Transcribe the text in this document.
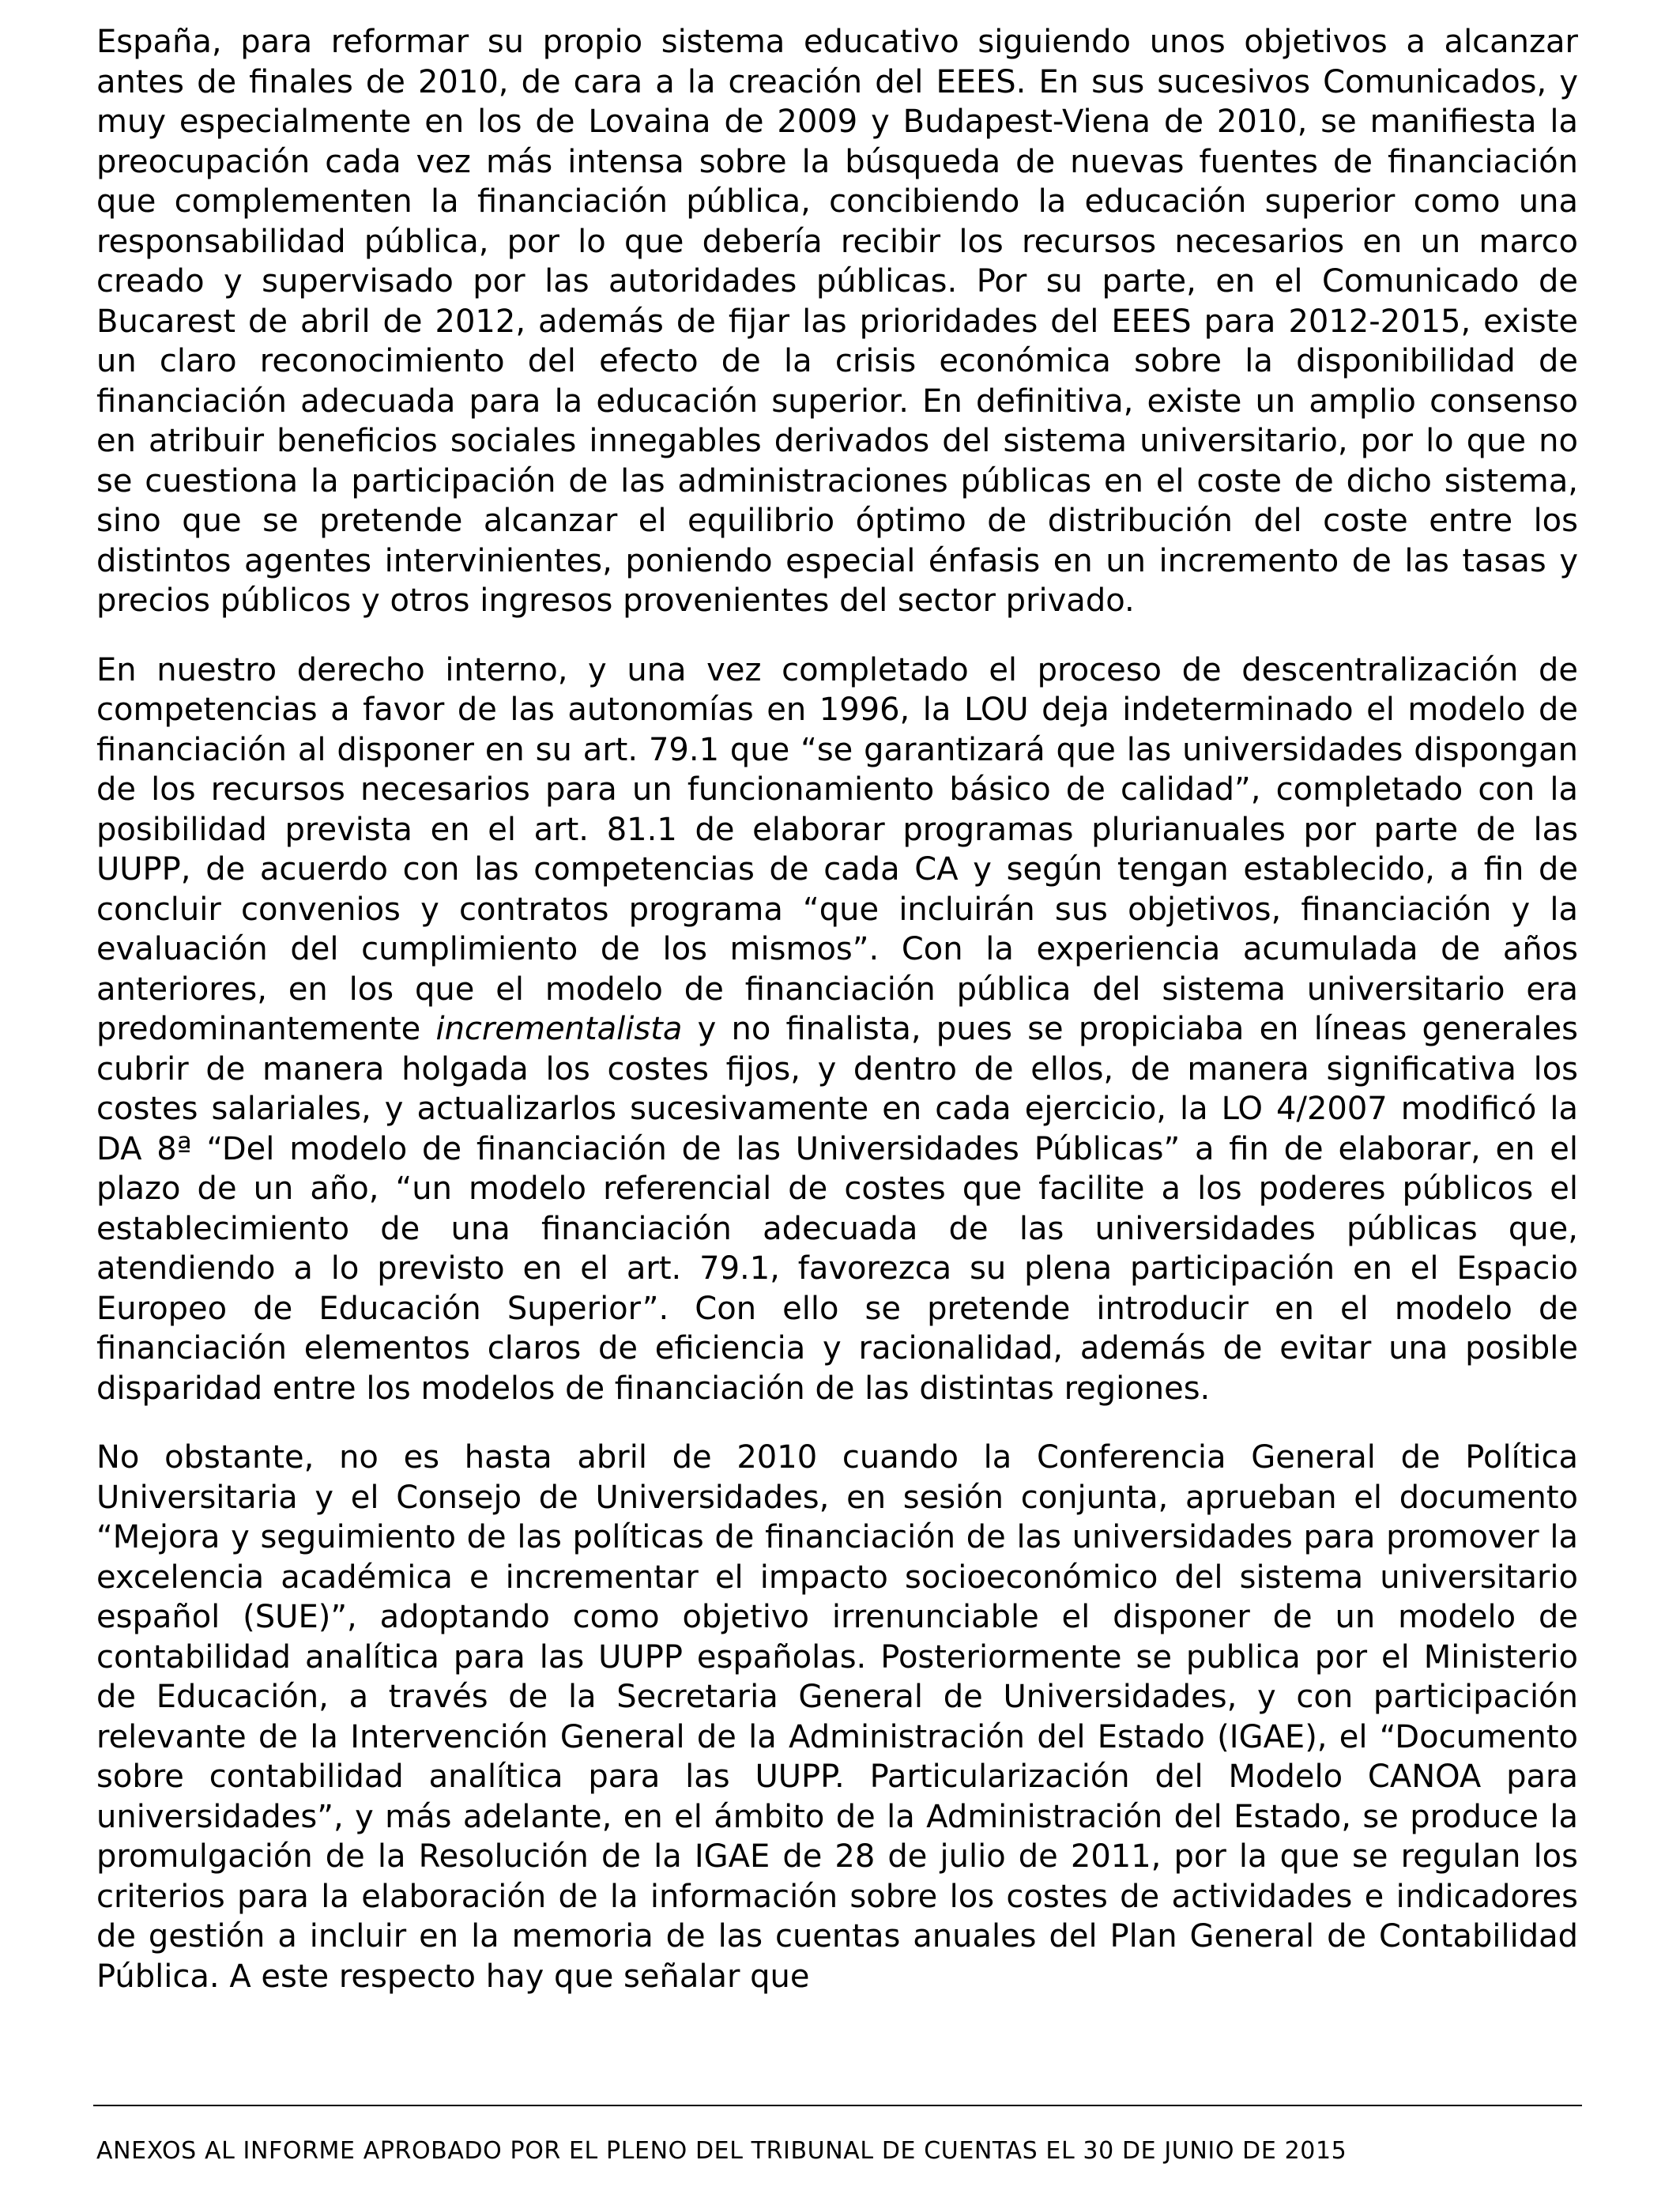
España, para reformar su propio sistema educativo siguiendo unos objetivos a alcanzar antes de finales de 2010, de cara a la creación del EEES. En sus sucesivos Comunicados, y muy especialmente en los de Lovaina de 2009 y Budapest-Viena de 2010, se manifiesta la preocupación cada vez más intensa sobre la búsqueda de nuevas fuentes de financiación que complementen la financiación pública, concibiendo la educación superior como una responsabilidad pública, por lo que debería recibir los recursos necesarios en un marco creado y supervisado por las autoridades públicas. Por su parte, en el Comunicado de Bucarest de abril de 2012, además de fijar las prioridades del EEES para 2012-2015, existe un claro reconocimiento del efecto de la crisis económica sobre la disponibilidad de financiación adecuada para la educación superior. En definitiva, existe un amplio consenso en atribuir beneficios sociales innegables derivados del sistema universitario, por lo que no se cuestiona la participación de las administraciones públicas en el coste de dicho sistema, sino que se pretende alcanzar el equilibrio óptimo de distribución del coste entre los distintos agentes intervinientes, poniendo especial énfasis en un incremento de las tasas y precios públicos y otros ingresos provenientes del sector privado.

En nuestro derecho interno, y una vez completado el proceso de descentralización de competencias a favor de las autonomías en 1996, la LOU deja indeterminado el modelo de financiación al disponer en su art. 79.1 que “se garantizará que las universidades dispongan de los recursos necesarios para un funcionamiento básico de calidad”, completado con la posibilidad prevista en el art. 81.1 de elaborar programas plurianuales por parte de las UUPP, de acuerdo con las competencias de cada CA y según tengan establecido, a fin de concluir convenios y contratos programa “que incluirán sus objetivos, financiación y la evaluación del cumplimiento de los mismos”. Con la experiencia acumulada de años anteriores, en los que el modelo de financiación pública del sistema universitario era predominantemente incrementalista y no finalista, pues se propiciaba en líneas generales cubrir de manera holgada los costes fijos, y dentro de ellos, de manera significativa los costes salariales, y actualizarlos sucesivamente en cada ejercicio, la LO 4/2007 modificó la DA 8ª “Del modelo de financiación de las Universidades Públicas” a fin de elaborar, en el plazo de un año, “un modelo referencial de costes que facilite a los poderes públicos el establecimiento de una financiación adecuada de las universidades públicas que, atendiendo a lo previsto en el art. 79.1, favorezca su plena participación en el Espacio Europeo de Educación Superior”. Con ello se pretende introducir en el modelo de financiación elementos claros de eficiencia y racionalidad, además de evitar una posible disparidad entre los modelos de financiación de las distintas regiones.

No obstante, no es hasta abril de 2010 cuando la Conferencia General de Política Universitaria y el Consejo de Universidades, en sesión conjunta, aprueban el documento “Mejora y seguimiento de las políticas de financiación de las universidades para promover la excelencia académica e incrementar el impacto socioeconómico del sistema universitario español (SUE)”, adoptando como objetivo irrenunciable el disponer de un modelo de contabilidad analítica para las UUPP españolas. Posteriormente se publica por el Ministerio de Educación, a través de la Secretaria General de Universidades, y con participación relevante de la Intervención General de la Administración del Estado (IGAE), el “Documento sobre contabilidad analítica para las UUPP. Particularización del Modelo CANOA para universidades”, y más adelante, en el ámbito de la Administración del Estado, se produce la promulgación de la Resolución de la IGAE de 28 de julio de 2011, por la que se regulan los criterios para la elaboración de la información sobre los costes de actividades e indicadores de gestión a incluir en la memoria de las cuentas anuales del Plan General de Contabilidad Pública. A este respecto hay que señalar que

ANEXOS AL INFORME APROBADO POR EL PLENO DEL TRIBUNAL DE CUENTAS EL 30 DE JUNIO DE 2015
